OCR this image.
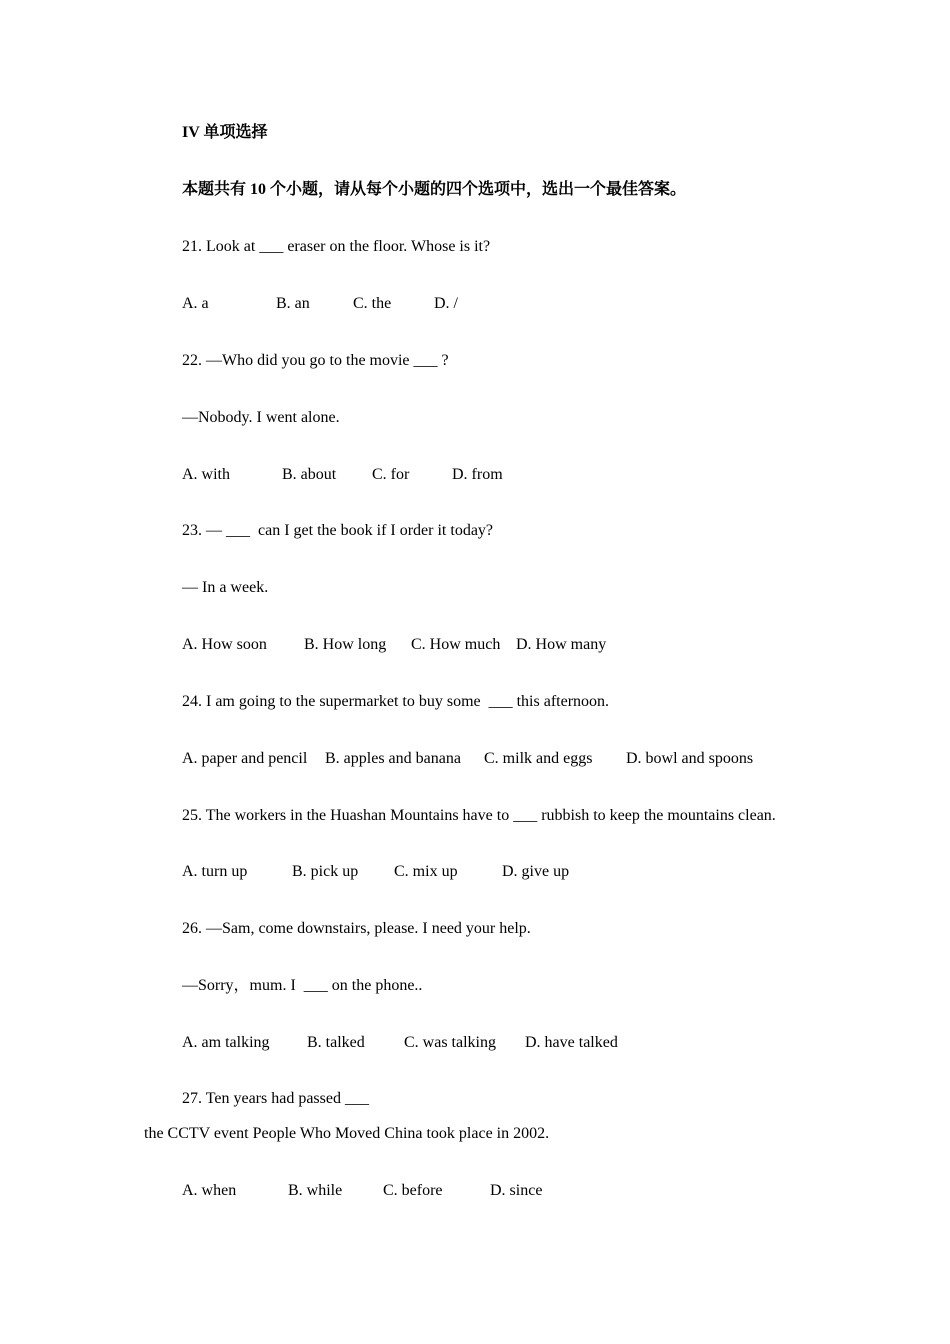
IV 单项选择
本题共有 10 个小题，请从每个小题的四个选项中，选出一个最佳答案。
21. Look at ___ eraser on the floor. Whose is it?
A. a	B. an	C. the	D. /
22. —Who did you go to the movie ___ ?
—Nobody. I went alone.
A. with	B. about C. for	D. from
23. — ___  can I get the book if I order it today?
— In a week.
A. How soon B. How long C. How much D. How many
24. I am going to the supermarket to buy some  ___ this afternoon.
A. paper and pencil B. apples and banana C. milk and eggs D. bowl and spoons
25. The workers in the Huashan Mountains have to ___ rubbish to keep the mountains clean.
A. turn up	B. pick up C. mix up	D. give up
26. —Sam, come downstairs, please. I need your help.
—Sorry，mum. I  ___ on the phone..
A. am talking B. talked C. was talking D. have talked
27. Ten years had passed ___
the CCTV event People Who Moved China took place in 2002.
A. when	B. while	C. before	D. since
